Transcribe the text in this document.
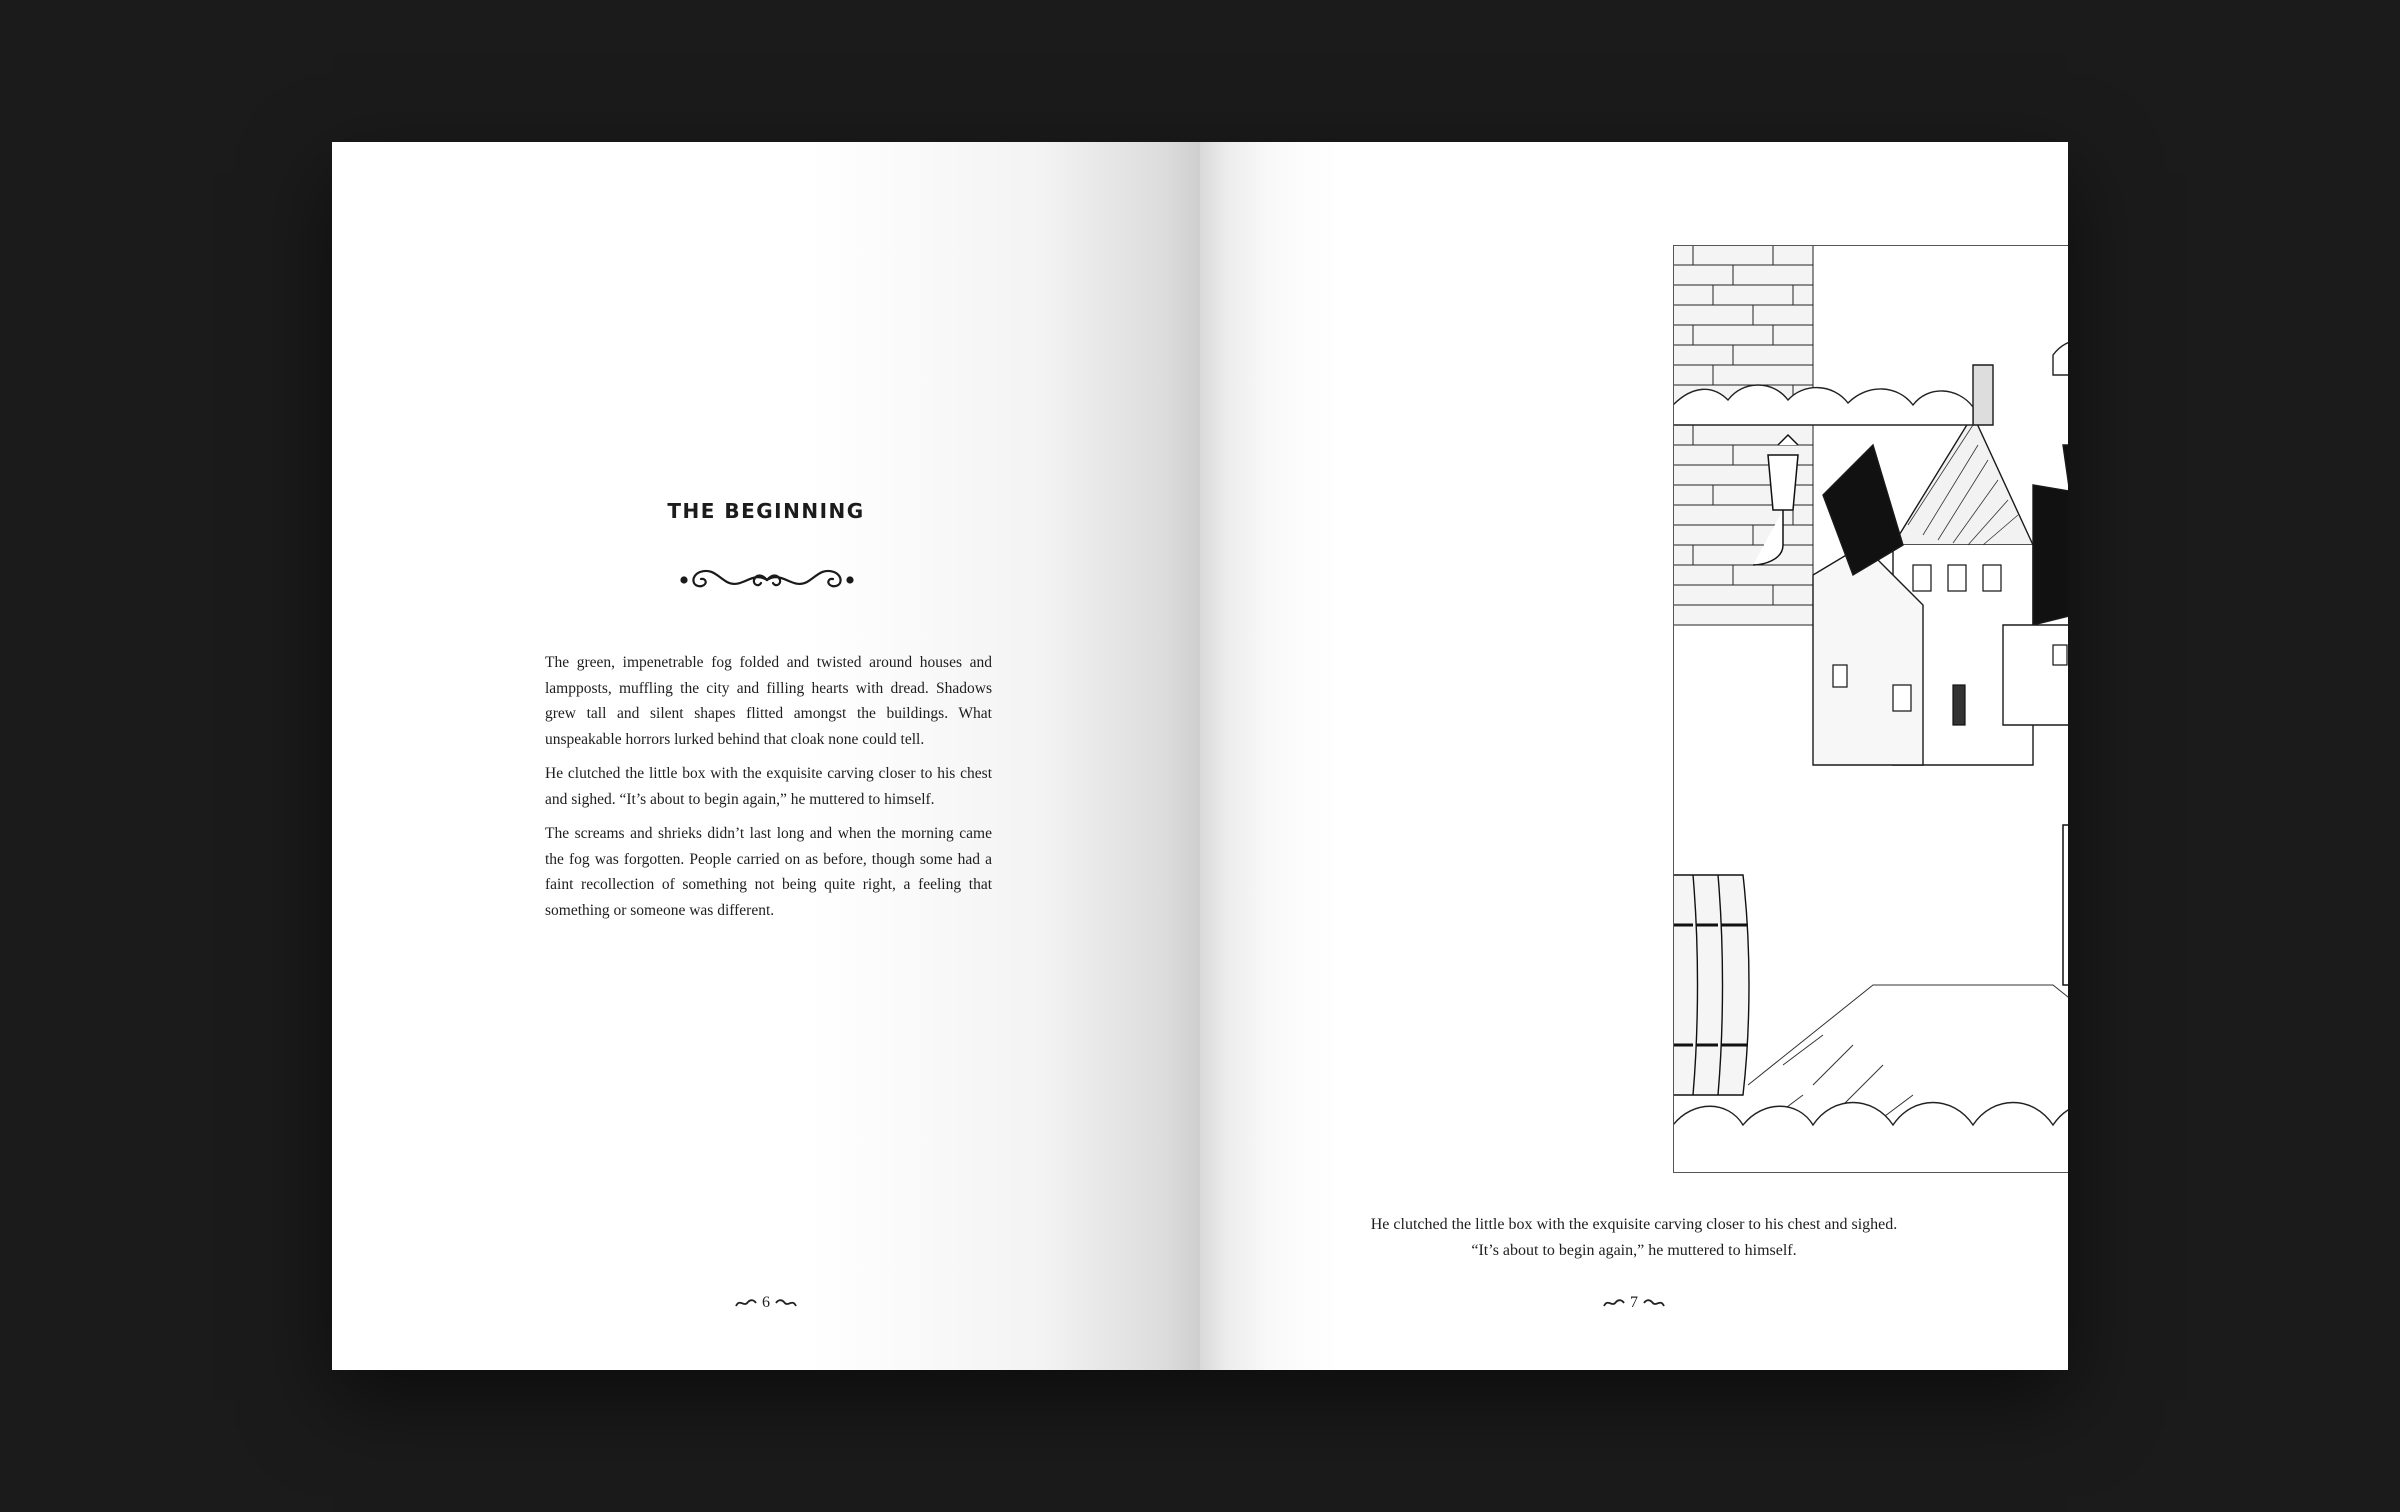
THE BEGINNING

The green, impenetrable fog folded and twisted around houses and lampposts, muffling the city and filling hearts with dread. Shadows grew tall and silent shapes flitted amongst the buildings. What unspeakable horrors lurked behind that cloak none could tell.

He clutched the little box with the exquisite carving closer to his chest and sighed. “It’s about to begin again,” he muttered to himself.

The screams and shrieks didn’t last long and when the morning came the fog was forgotten. People carried on as before, though some had a faint recollection of something not being quite right, a feeling that something or someone was different.

6
He clutched the little box with the exquisite carving closer to his chest and sighed.
“It’s about to begin again,” he muttered to himself.
7
